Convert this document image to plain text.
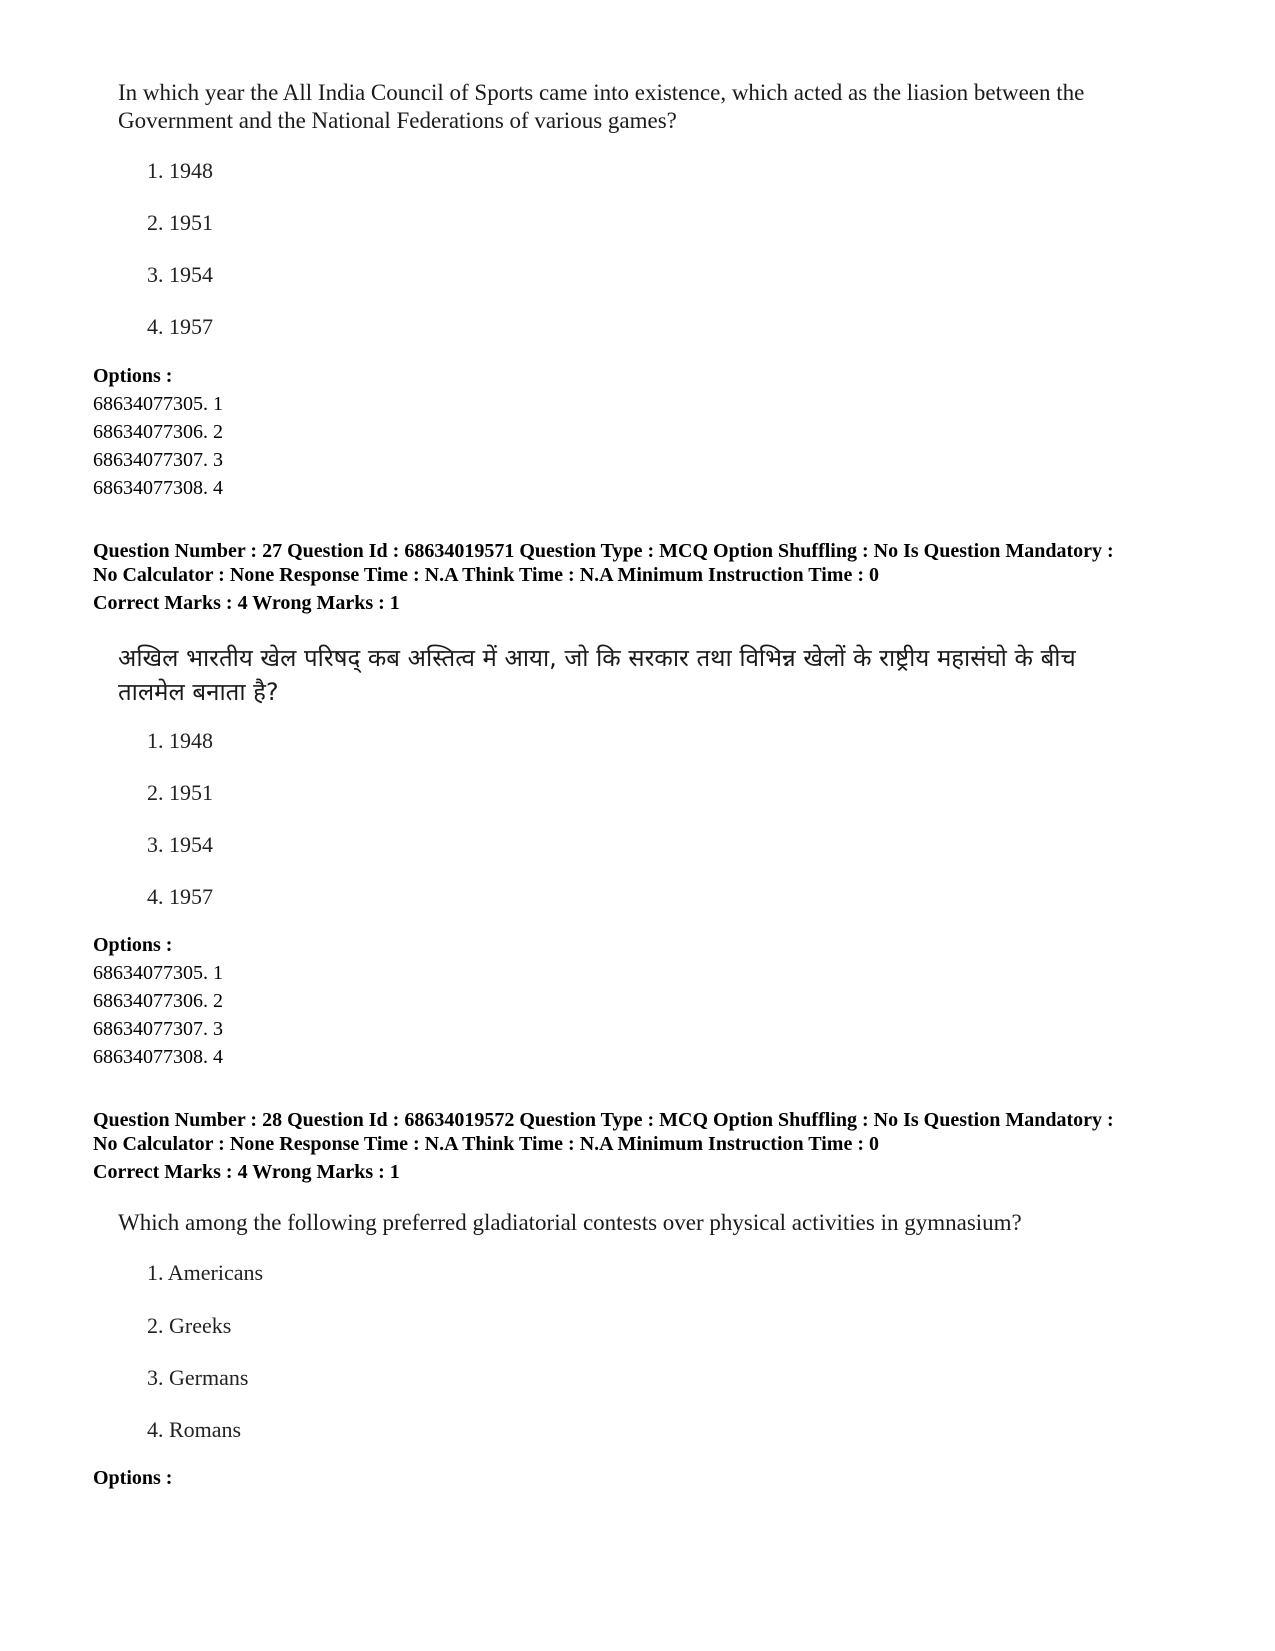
In which year the All India Council of Sports came into existence, which acted as the liasion between the Government and the National Federations of various games?
1. 1948
2. 1951
3. 1954
4. 1957
Options :
68634077305. 1
68634077306. 2
68634077307. 3
68634077308. 4
Question Number : 27 Question Id : 68634019571 Question Type : MCQ Option Shuffling : No Is Question Mandatory :
No Calculator : None Response Time : N.A Think Time : N.A Minimum Instruction Time : 0
Correct Marks : 4 Wrong Marks : 1
अखिल भारतीय खेल परिषद् कब अस्तित्व में आया, जो कि सरकार तथा विभिन्न खेलों के राष्ट्रीय महासंघो के बीच तालमेल बनाता है?
1. 1948
2. 1951
3. 1954
4. 1957
Options :
68634077305. 1
68634077306. 2
68634077307. 3
68634077308. 4
Question Number : 28 Question Id : 68634019572 Question Type : MCQ Option Shuffling : No Is Question Mandatory :
No Calculator : None Response Time : N.A Think Time : N.A Minimum Instruction Time : 0
Correct Marks : 4 Wrong Marks : 1
Which among the following preferred gladiatorial contests over physical activities in gymnasium?
1. Americans
2. Greeks
3. Germans
4. Romans
Options :
